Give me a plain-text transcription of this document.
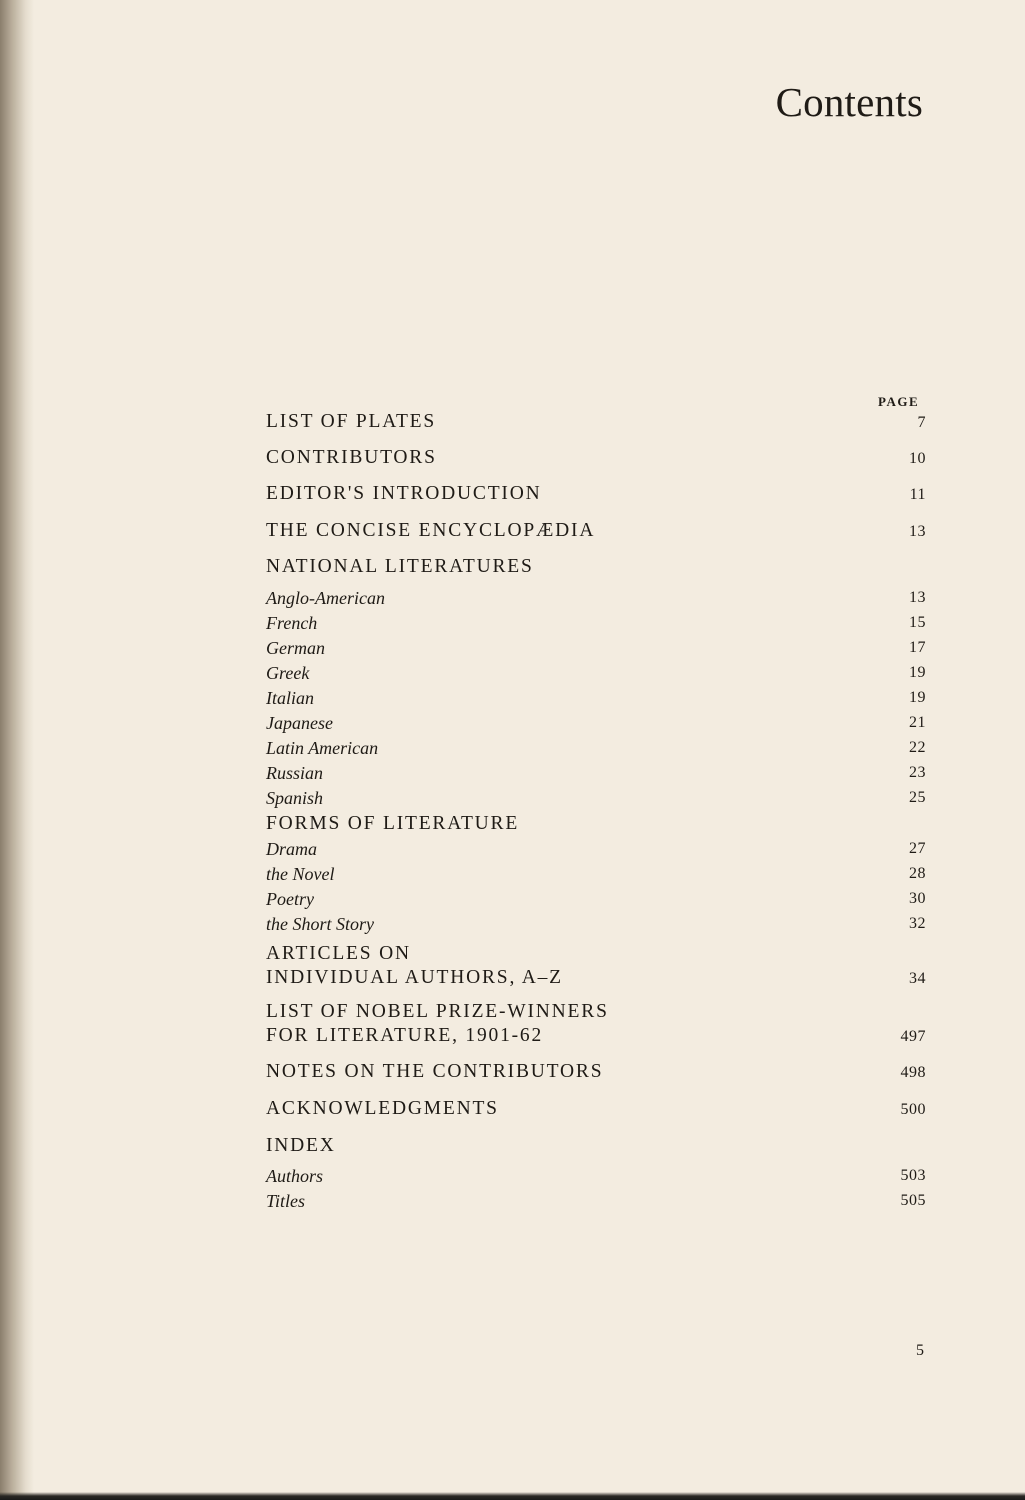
Contents
PAGE
LIST OF PLATES	7
CONTRIBUTORS	10
EDITOR'S INTRODUCTION	11
THE CONCISE ENCYCLOPÆDIA	13
NATIONAL LITERATURES
Anglo-American	13
French	15
German	17
Greek	19
Italian	19
Japanese	21
Latin American	22
Russian	23
Spanish	25
FORMS OF LITERATURE
Drama	27
the Novel	28
Poetry	30
the Short Story	32
ARTICLES ON
INDIVIDUAL AUTHORS, A–Z	34
LIST OF NOBEL PRIZE-WINNERS
FOR LITERATURE, 1901-62	497
NOTES ON THE CONTRIBUTORS	498
ACKNOWLEDGMENTS	500
INDEX
Authors	503
Titles	505
5
